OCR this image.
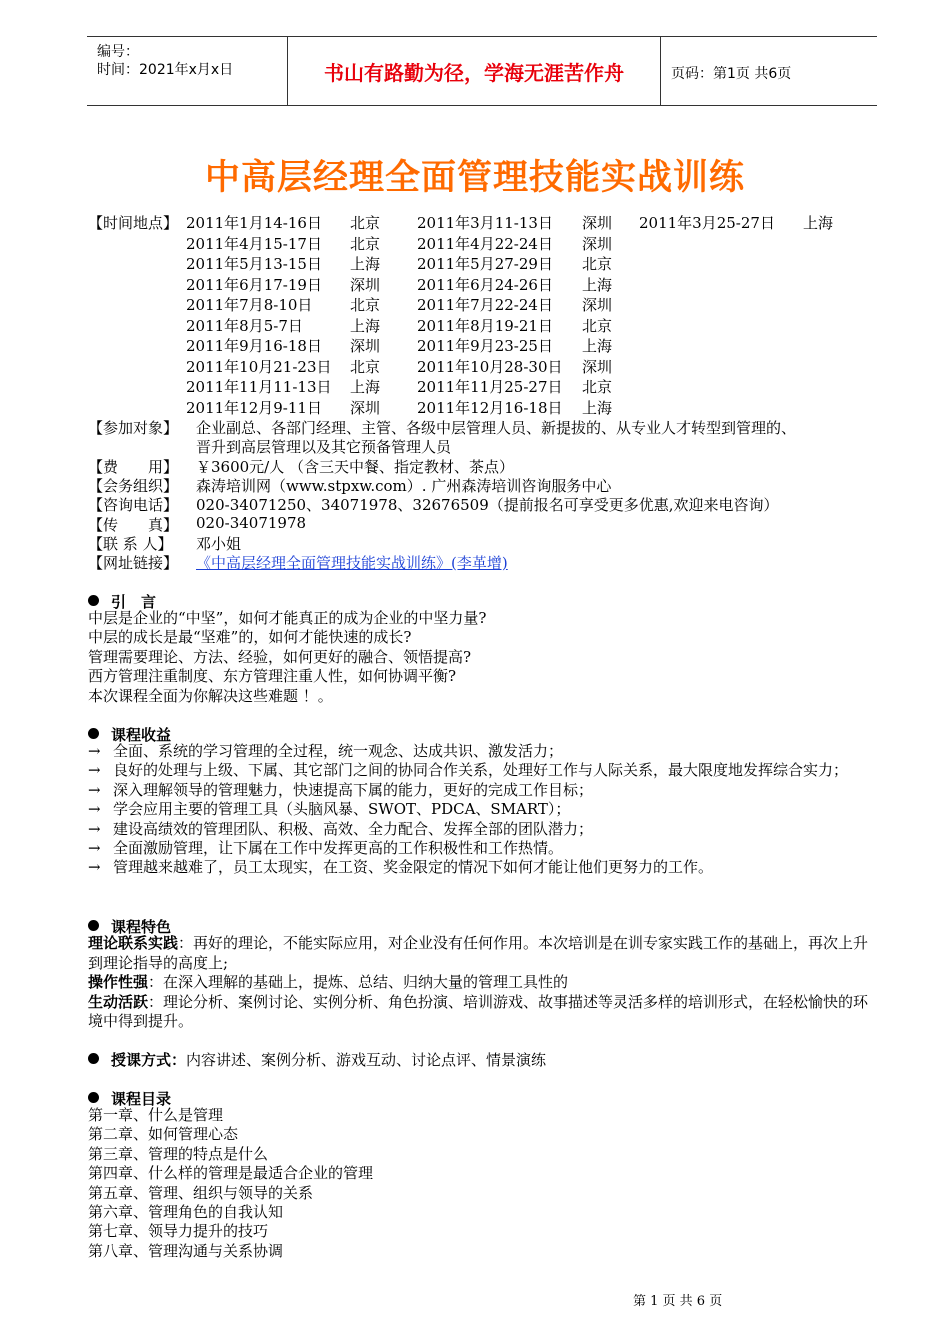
编号：
时间：2021年x月x日	书山有路勤为径，学海无涯苦作舟	页码：第1页 共6页
中高层经理全面管理技能实战训练
【时间地点】 2011年1月14-16日 北京 2011年3月11-13日 深圳 2011年3月25-27日 上海
2011年4月15-17日 北京 2011年4月22-24日 深圳
2011年5月13-15日 上海 2011年5月27-29日 北京
2011年6月17-19日 深圳 2011年6月24-26日 上海
2011年7月8-10日	北京 2011年7月22-24日 深圳
2011年8月5-7日	上海 2011年8月19-21日 北京
2011年9月16-18日 深圳 2011年9月23-25日 上海
2011年10月21-23日 北京 2011年10月28-30日 深圳
2011年11月11-13日 上海 2011年11月25-27日 北京
2011年12月9-11日 深圳 2011年12月16-18日 上海
【参加对象】 企业副总、各部门经理、主管、各级中层管理人员、新提拔的、从专业人才转型到管理的、
晋升到高层管理以及其它预备管理人员
【费　　用】 ￥3600元/人 （含三天中餐、指定教材、茶点）
【会务组织】 森涛培训网（www.stpxw.com）. 广州森涛培训咨询服务中心
【咨询电话】 020-34071250、34071978、32676509（提前报名可享受更多优惠,欢迎来电咨询）
【传　　真】 020-34071978
【联 系 人】 邓小姐
【网址链接】 《中高层经理全面管理技能实战训练》(李革增)
引　言
中层是企业的“中坚”，如何才能真正的成为企业的中坚力量?
中层的成长是最“坚难”的，如何才能快速的成长?
管理需要理论、方法、经验，如何更好的融合、领悟提高?
西方管理注重制度、东方管理注重人性，如何协调平衡?
本次课程全面为你解决这些难题 ！。
课程收益
→ 全面、系统的学习管理的全过程，统一观念、达成共识、激发活力；
→ 良好的处理与上级、下属、其它部门之间的协同合作关系，处理好工作与人际关系，最大限度地发挥综合实力；
→ 深入理解领导的管理魅力，快速提高下属的能力，更好的完成工作目标；
→ 学会应用主要的管理工具（头脑风暴、SWOT、PDCA、SMART）；
→ 建设高绩效的管理团队、积极、高效、全力配合、发挥全部的团队潜力；
→ 全面激励管理，让下属在工作中发挥更高的工作积极性和工作热情。
→ 管理越来越难了，员工太现实，在工资、奖金限定的情况下如何才能让他们更努力的工作。
课程特色
理论联系实践：再好的理论，不能实际应用，对企业没有任何作用。本次培训是在训专家实践工作的基础上，再次上升到理论指导的高度上;
操作性强：在深入理解的基础上，提炼、总结、归纳大量的管理工具性的
生动活跃：理论分析、案例讨论、实例分析、角色扮演、培训游戏、故事描述等灵活多样的培训形式，在轻松愉快的环境中得到提升。
授课方式：内容讲述、案例分析、游戏互动、讨论点评、情景演练
课程目录
第一章、什么是管理
第二章、如何管理心态
第三章、管理的特点是什么
第四章、什么样的管理是最适合企业的管理
第五章、管理、组织与领导的关系
第六章、管理角色的自我认知
第七章、领导力提升的技巧
第八章、管理沟通与关系协调
第 1 页 共 6 页
